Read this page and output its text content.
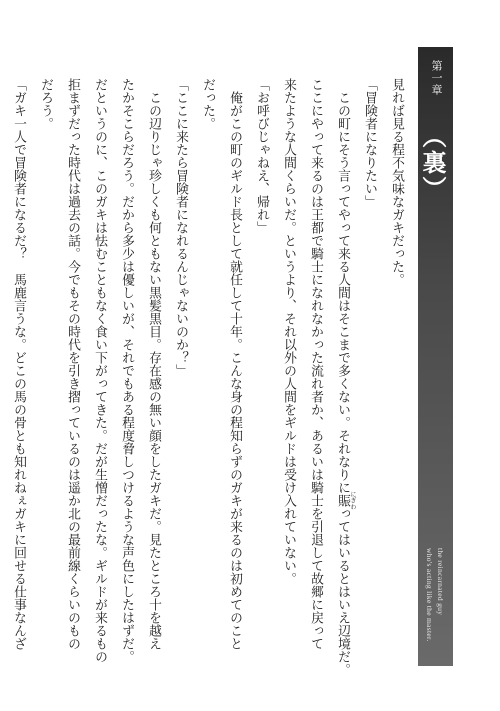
見れば見る程不気味なガキだった。

「冒険者になりたい」

　この町にそう言ってやって来る人間はそこまで多くない。それなりに賑 にぎわってはいるとはいえ辺境だ。

ここにやって来るのは王都で騎士になれなかった流れ者か、あるいは騎士を引退して故郷に戻って

来たような人間くらいだ。というより、それ以外の人間をギルドは受け入れていない。

「お呼びじゃねえ、帰れ」

　俺がこの町のギルド長として就任して十年。こんな身の程知らずのガキが来るのは初めてのこと

だった。

「ここに来たら冒険者になれるんじゃないのか？」

　この辺りじゃ珍しくも何ともない黒髪黒目。存在感の無い顔をしたガキだ。見たところ十を越え

たかそこらだろう。だから多少は優しいが、それでもある程度脅しつけるような声色にしたはずだ。

だというのに、このガキは怯むこともなく食い下がってきた。だが生憎だったな。ギルドが来るもの

拒まずだった時代は過去の話。今でもその時代を引き摺っているのは遥か北の最前線くらいのもの

だろう。

「ガキ一人で冒険者になるだ？　馬鹿言うな。どこの馬の骨とも知れねぇガキに回せる仕事なんざ	第一章
（裏）
the reincarnated guy
who's acting like the master.
